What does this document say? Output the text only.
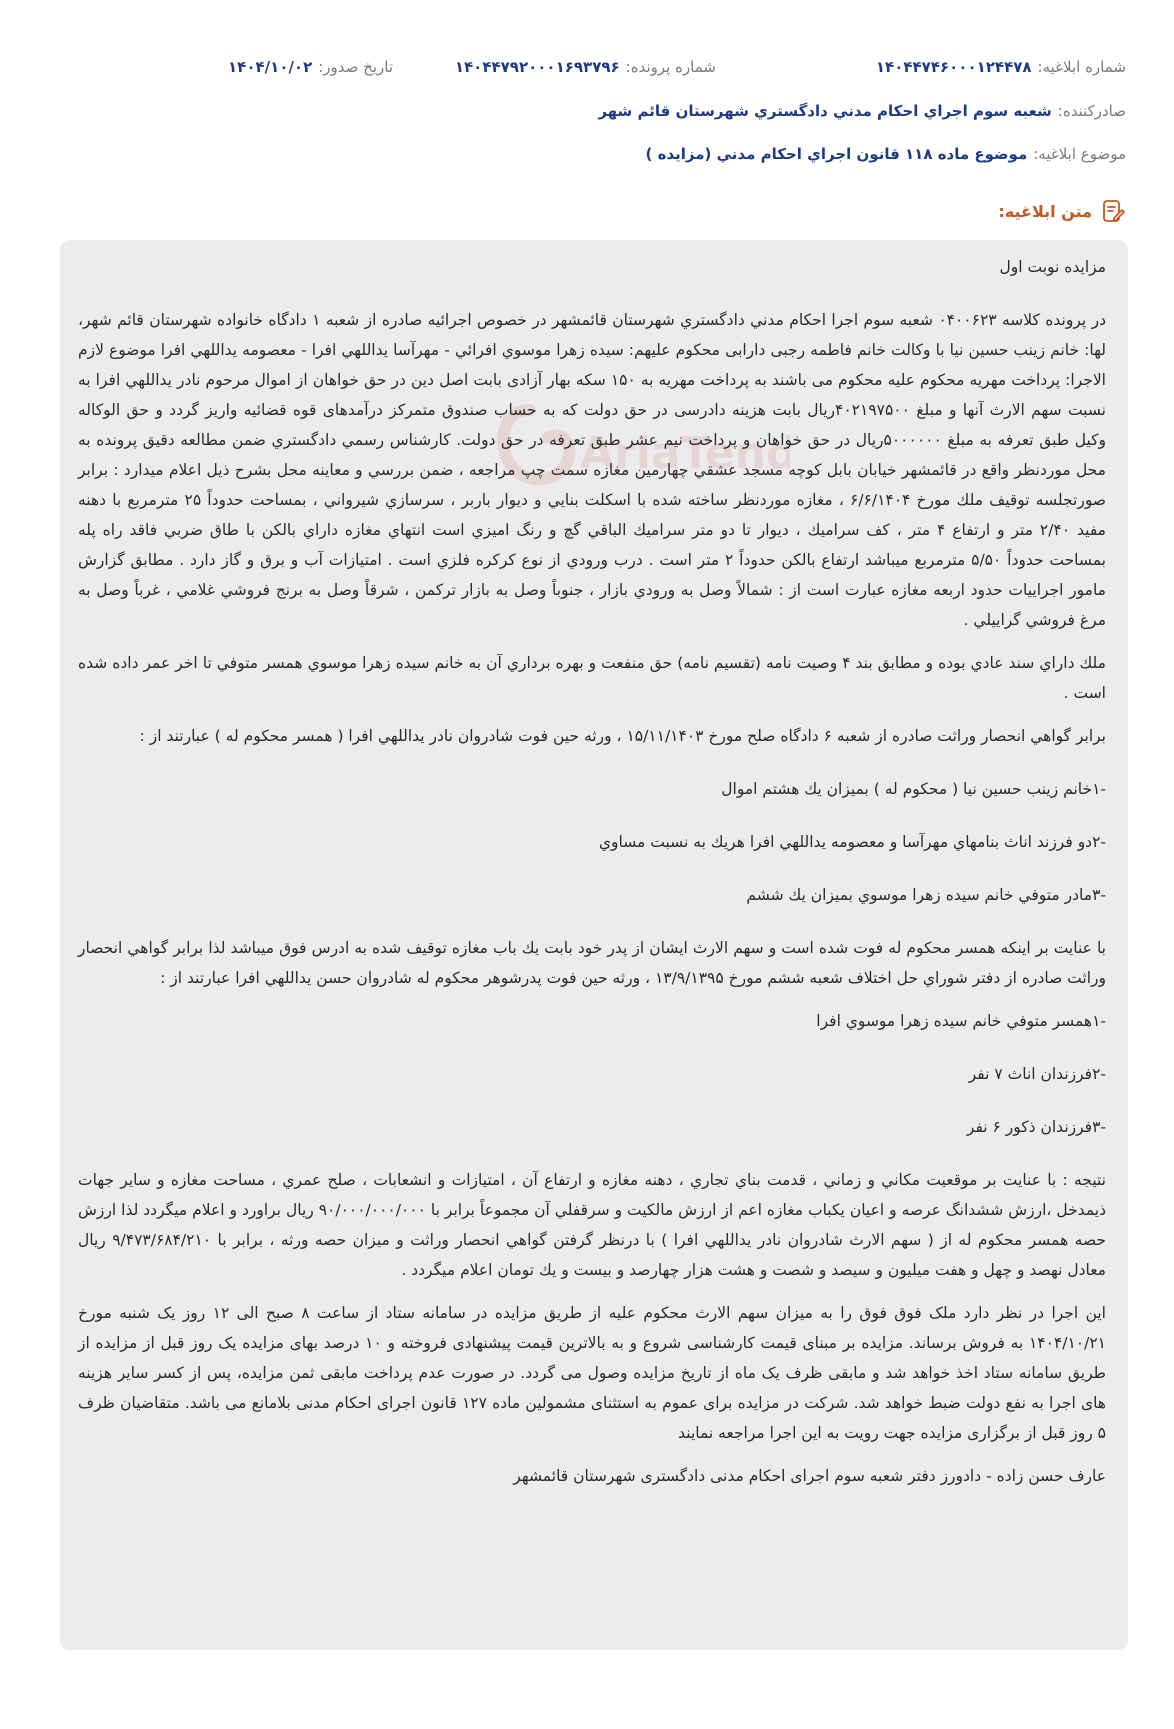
شماره ابلاغیه:
۱۴۰۴۴۷۴۶۰۰۰۱۲۴۴۷۸
شماره پرونده:
۱۴۰۴۴۷۹۲۰۰۰۱۶۹۳۷۹۶
تاریخ صدور:
۱۴۰۴/۱۰/۰۲
صادرکننده:
شعبه سوم اجراي احكام مدني دادگستري شهرستان قائم شهر
موضوع ابلاغیه:
موضوع ماده ۱۱۸ قانون اجراي احكام مدني (مزايده )
متن ابلاغیه:
AriaTend

مزايده نوبت اول

در پرونده كلاسه ۰۴۰۰۶۲۳ شعبه سوم اجرا احكام مدني دادگستري شهرستان قائمشهر در خصوص اجرائيه صادره از شعبه ۱ دادگاه خانواده شهرستان قائم شهر، لها: خانم زينب حسين نيا با وكالت خانم فاطمه رجبی دارابی محكوم عليهم: سيده زهرا موسوي افرائي - مهرآسا يداللهي افرا - معصومه يداللهي افرا موضوع لازم الاجرا: پرداخت مهريه محكوم عليه محكوم می باشند به پرداخت مهريه به ۱۵۰ سكه بهار آزادی بابت اصل دين در حق خواهان از اموال مرحوم نادر يداللهي افرا به نسبت سهم الارث آنها و مبلغ ۴۰۲۱۹۷۵۰۰ريال بابت هزينه دادرسی در حق دولت كه به حساب صندوق متمركز درآمدهای قوه قضائيه واريز گردد و حق الوكاله وكيل طبق تعرفه به مبلغ ۵۰۰۰۰۰۰ريال در حق خواهان و پرداخت نيم عشر طبق تعرفه در حق دولت. كارشناس رسمي دادگستري ضمن مطالعه دقيق پرونده به محل موردنظر واقع در قائمشهر خيابان بابل كوچه مسجد عشقي چهارمين مغازه سمت چپ مراجعه ، ضمن بررسي و معاينه محل بشرح ذيل اعلام ميدارد : برابر صورتجلسه توقيف ملك مورخ ۶/۶/۱۴۰۴ ، مغازه موردنظر ساخته شده با اسكلت بنايي و ديوار باربر ، سرسازي شيرواني ، بمساحت حدوداً ۲۵ مترمربع با دهنه مفيد ۲/۴۰ متر و ارتفاع ۴ متر ، كف سراميك ، ديوار تا دو متر سراميك الباقي گچ و رنگ اميزي است انتهاي مغازه داراي بالكن با طاق ضربي فاقد راه پله بمساحت حدوداً ۵/۵۰ مترمربع ميباشد ارتفاع بالكن حدوداً ۲ متر است . درب ورودي از نوع كركره فلزي است . امتيازات آب و برق و گاز دارد . مطابق گزارش مامور اجراييات حدود اربعه مغازه عبارت است از : شمالاً وصل به ورودي بازار ، جنوباً وصل به بازار تركمن ، شرقاً وصل به برنج فروشي غلامي ، غرباً وصل به مرغ فروشي گراييلي .

ملك داراي سند عادي بوده و مطابق بند ۴ وصيت نامه (تقسيم نامه) حق منفعت و بهره برداري آن به خانم سيده زهرا موسوي همسر متوفي تا اخر عمر داده شده است .

برابر گواهي انحصار وراثت صادره از شعبه ۶ دادگاه صلح مورخ ۱۵/۱۱/۱۴۰۳ ، ورثه حين فوت شادروان نادر يداللهي افرا ( همسر محكوم له ) عبارتند از :

-۱خانم زينب حسين نيا ( محكوم له ) بميزان يك هشتم اموال

-۲دو فرزند اناث بنامهاي مهرآسا و معصومه يداللهي افرا هريك به نسبت مساوي

-۳مادر متوفي خانم سيده زهرا موسوي بميزان يك ششم

با عنايت بر اينكه همسر محكوم له فوت شده است و سهم الارث ايشان از پدر خود بابت يك باب مغازه توقيف شده به ادرس فوق ميباشد لذا برابر گواهي انحصار وراثت صادره از دفتر شوراي حل اختلاف شعبه ششم مورخ ۱۳/۹/۱۳۹۵ ، ورثه حين فوت پدرشوهر محكوم له شادروان حسن يداللهي افرا عبارتند از :

-۱همسر متوفي خانم سيده زهرا موسوي افرا

-۲فرزندان اناث ۷ نفر

-۳فرزندان ذكور ۶ نفر

نتيجه : با عنايت بر موقعيت مكاني و زماني ، قدمت بناي تجاري ، دهنه مغازه و ارتفاع آن ، امتيازات و انشعابات ، صلح عمري ، مساحت مغازه و ساير جهات ذيمدخل ،ارزش ششدانگ عرصه و اعيان يكباب مغازه اعم از ارزش مالكيت و سرقفلي آن مجموعاً برابر با ۹۰/۰۰۰/۰۰۰/۰۰۰ ريال براورد و اعلام ميگردد لذا ارزش حصه همسر محكوم له از ( سهم الارث شادروان نادر يداللهي افرا ) با درنظر گرفتن گواهي انحصار وراثت و ميزان حصه ورثه ، برابر با ۹/۴۷۳/۶۸۴/۲۱۰ ريال معادل نهصد و چهل و هفت ميليون و سيصد و شصت و هشت هزار چهارصد و بيست و يك تومان اعلام ميگردد .

اين اجرا در نظر دارد ملک فوق فوق را به ميزان سهم الارث محکوم عليه از طريق مزايده در سامانه ستاد از ساعت ۸ صبح الی ۱۲ روز يک شنبه مورخ ۱۴۰۴/۱۰/۲۱ به فروش برساند. مزايده بر مبنای قيمت کارشناسی شروع و به بالاترين قيمت پيشنهادی فروخته و ۱۰ درصد بهای مزايده يک روز قبل از مزايده از طريق سامانه ستاد اخذ خواهد شد و مابقی ظرف يک ماه از تاريخ مزايده وصول می گردد. در صورت عدم پرداخت مابقی ثمن مزايده، پس از کسر ساير هزينه های اجرا به نفع دولت ضبط خواهد شد. شرکت در مزايده برای عموم به استثنای مشمولين ماده ۱۲۷ قانون اجرای احکام مدنی بلامانع می باشد. متقاضيان ظرف ۵ روز قبل از برگزاری مزايده جهت رويت به اين اجرا مراجعه نمايند

عارف حسن زاده - دادورز دفتر شعبه سوم اجرای احکام مدنی دادگستری شهرستان قائمشهر
